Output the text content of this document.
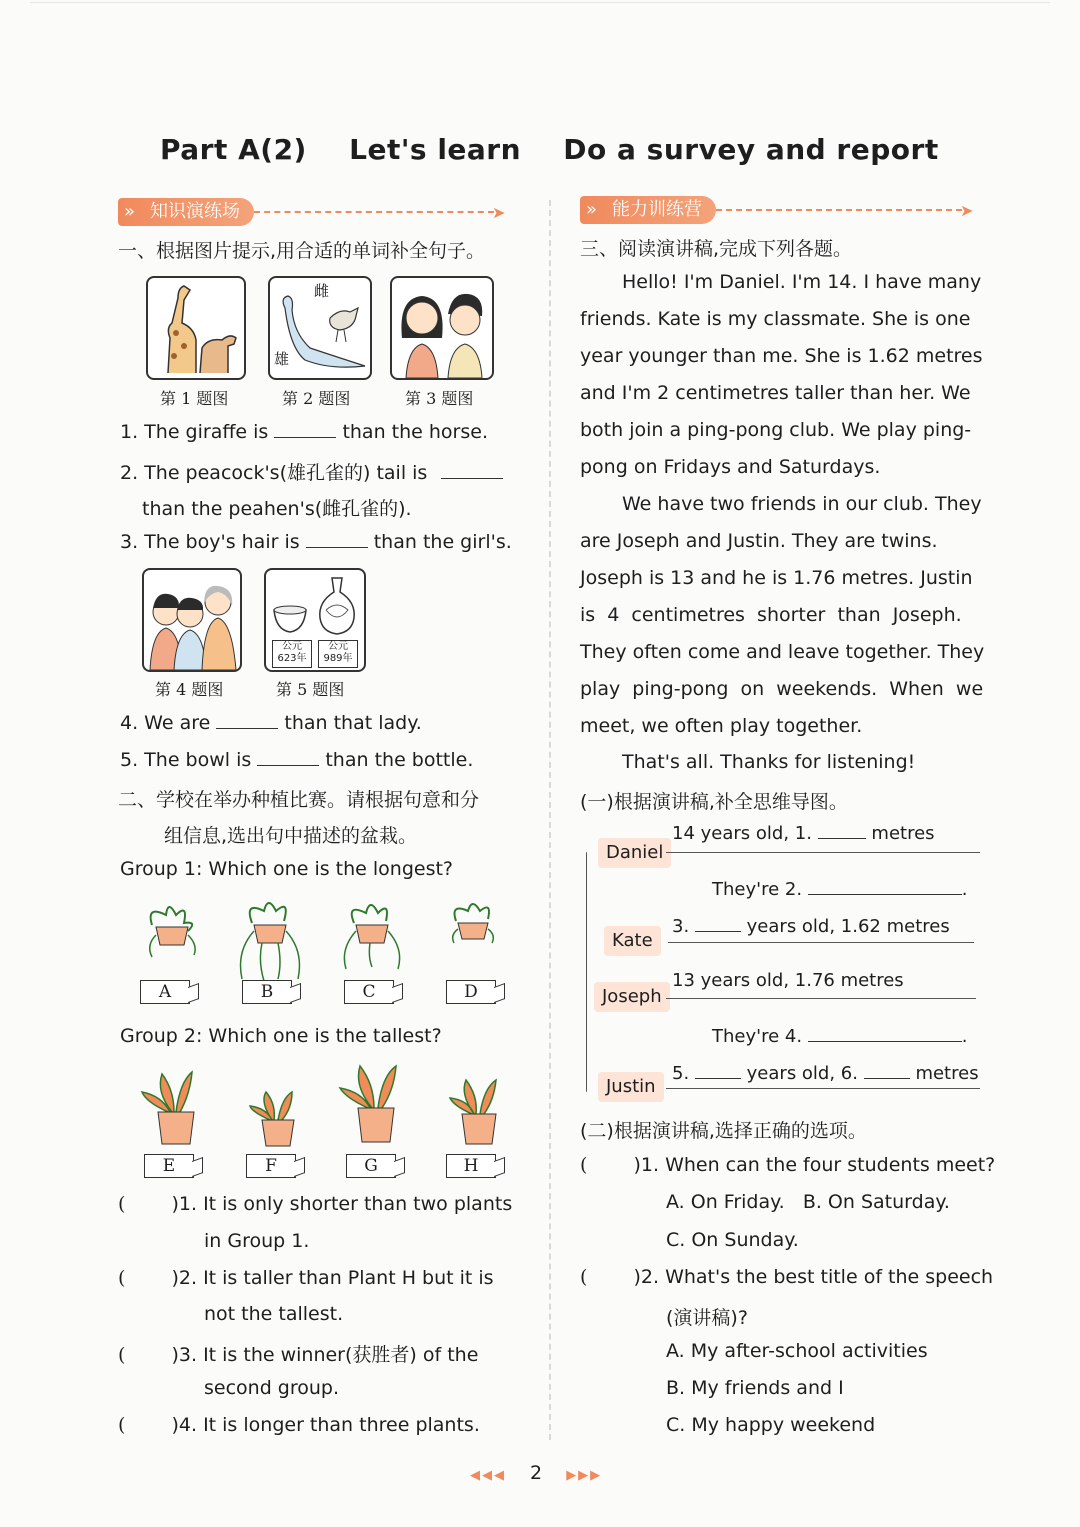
Part A(2) Let's learn Do a survey and report
» 知识演练场	➤
一、根据图片提示,用合适的单词补全句子。
雌
雄
第 1 题图	第 2 题图	第 3 题图
1. The giraffe is	than the horse.
2. The peacock's(雄孔雀的) tail is
than the peahen's(雌孔雀的).
3. The boy's hair is	than the girl's.
公元
623年
公元
989年
第 4 题图	第 5 题图
4. We are	than that lady.
5. The bowl is	than the bottle.
二、学校在举办种植比赛。请根据句意和分
组信息,选出句中描述的盆栽。
Group 1: Which one is the longest?
A	B	C	D
Group 2: Which one is the tallest?
E	F	G	H
( )1. It is only shorter than two plants
in Group 1.
( )2. It is taller than Plant H but it is
not the tallest.
( )3. It is the winner(获胜者) of the
second group.
( )4. It is longer than three plants.
» 能力训练营	➤
三、阅读演讲稿,完成下列各题。
Hello! I'm Daniel. I'm 14. I have many
friends. Kate is my classmate. She is one
year younger than me. She is 1.62 metres
and I'm 2 centimetres taller than her. We
both join a ping-pong club. We play ping-
pong on Fridays and Saturdays.
We have two friends in our club. They
are Joseph and Justin. They are twins.
Joseph is 13 and he is 1.76 metres. Justin
is  4  centimetres  shorter  than  Joseph.
They often come and leave together. They
play  ping-pong  on  weekends.  When  we
meet, we often play together.
That's all. Thanks for listening!
(一)根据演讲稿,补全思维导图。
Daniel
Kate
Joseph
Justin
14 years old, 1.	metres
They're 2.	.
3.	years old, 1.62 metres
13 years old, 1.76 metres
They're 4.	.
5.	years old, 6.	metres
(二)根据演讲稿,选择正确的选项。
( )1. When can the four students meet?
A. On Friday.   B. On Saturday.
C. On Sunday.
( )2. What's the best title of the speech
(演讲稿)?
A. My after-school activities
B. My friends and I
C. My happy weekend
◀◀◀ 2 ▶▶▶
